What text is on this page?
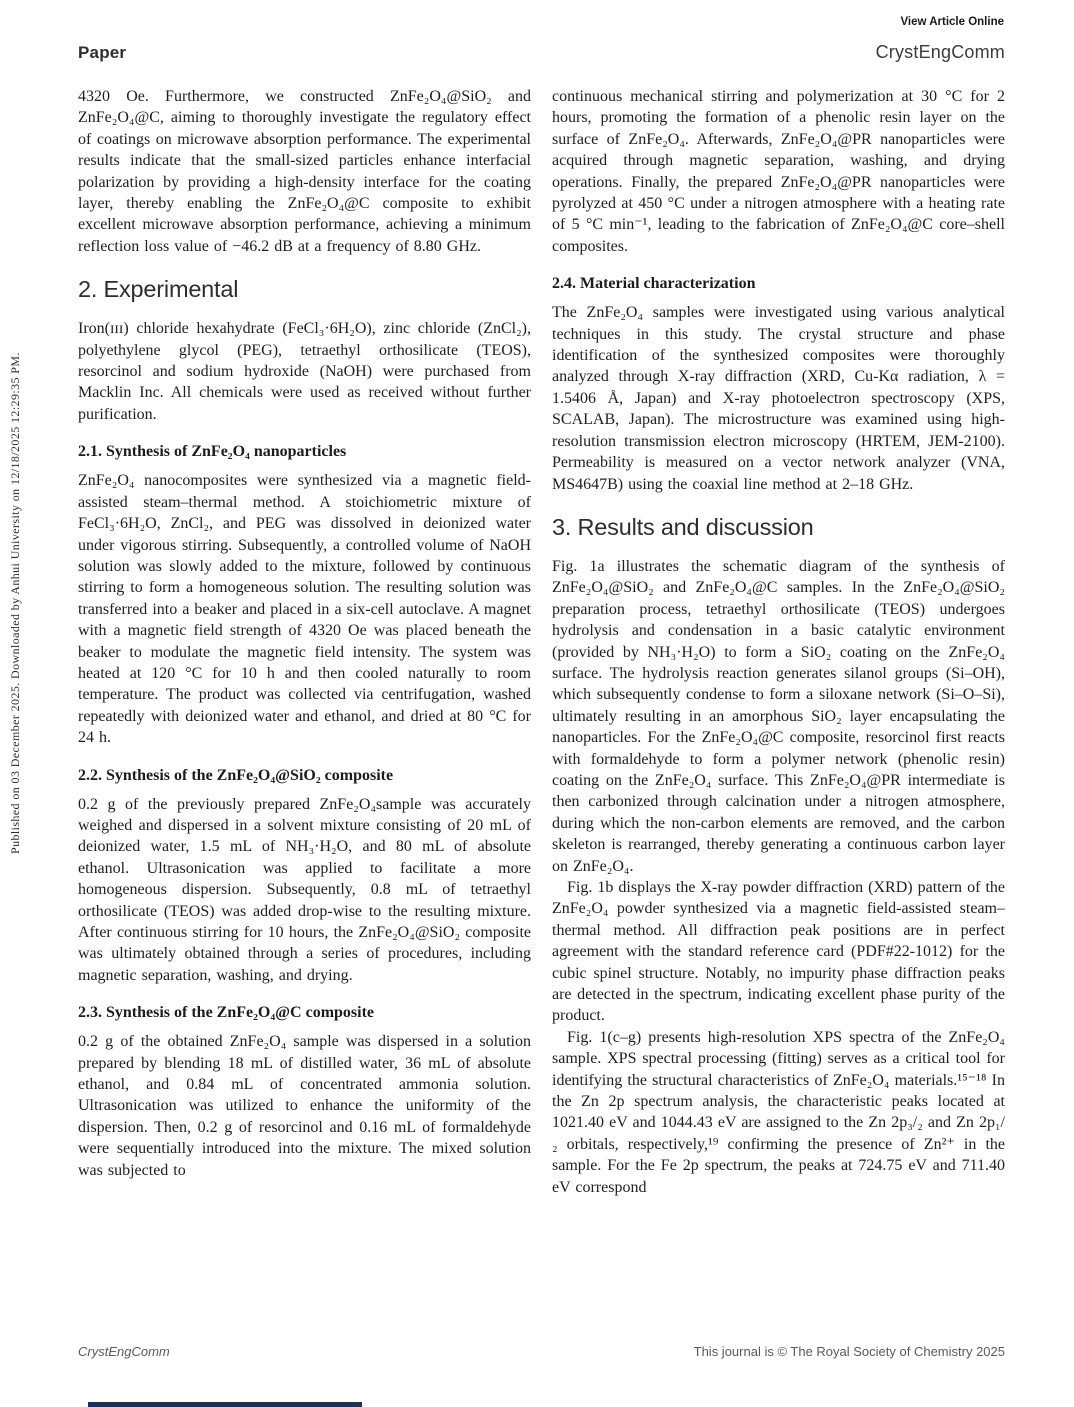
Published on 03 December 2025. Downloaded by Anhui University on 12/18/2025 12:29:35 PM.
View Article Online
Paper	CrystEngComm

4320 Oe. Furthermore, we constructed ZnFe₂O₄@SiO₂ and ZnFe₂O₄@C, aiming to thoroughly investigate the regulatory effect of coatings on microwave absorption performance. The experimental results indicate that the small-sized particles enhance interfacial polarization by providing a high-density interface for the coating layer, thereby enabling the ZnFe₂O₄@C composite to exhibit excellent microwave absorption performance, achieving a minimum reflection loss value of −46.2 dB at a frequency of 8.80 GHz.

2. Experimental

Iron(ɪɪɪ) chloride hexahydrate (FeCl₃·6H₂O), zinc chloride (ZnCl₂), polyethylene glycol (PEG), tetraethyl orthosilicate (TEOS), resorcinol and sodium hydroxide (NaOH) were purchased from Macklin Inc. All chemicals were used as received without further purification.

2.1. Synthesis of ZnFe₂O₄ nanoparticles

ZnFe₂O₄ nanocomposites were synthesized via a magnetic field-assisted steam–thermal method. A stoichiometric mixture of FeCl₃·6H₂O, ZnCl₂, and PEG was dissolved in deionized water under vigorous stirring. Subsequently, a controlled volume of NaOH solution was slowly added to the mixture, followed by continuous stirring to form a homogeneous solution. The resulting solution was transferred into a beaker and placed in a six-cell autoclave. A magnet with a magnetic field strength of 4320 Oe was placed beneath the beaker to modulate the magnetic field intensity. The system was heated at 120 °C for 10 h and then cooled naturally to room temperature. The product was collected via centrifugation, washed repeatedly with deionized water and ethanol, and dried at 80 °C for 24 h.

2.2. Synthesis of the ZnFe₂O₄@SiO₂ composite

0.2 g of the previously prepared ZnFe₂O₄sample was accurately weighed and dispersed in a solvent mixture consisting of 20 mL of deionized water, 1.5 mL of NH₃·H₂O, and 80 mL of absolute ethanol. Ultrasonication was applied to facilitate a more homogeneous dispersion. Subsequently, 0.8 mL of tetraethyl orthosilicate (TEOS) was added drop-wise to the resulting mixture. After continuous stirring for 10 hours, the ZnFe₂O₄@SiO₂ composite was ultimately obtained through a series of procedures, including magnetic separation, washing, and drying.

2.3. Synthesis of the ZnFe₂O₄@C composite

0.2 g of the obtained ZnFe₂O₄ sample was dispersed in a solution prepared by blending 18 mL of distilled water, 36 mL of absolute ethanol, and 0.84 mL of concentrated ammonia solution. Ultrasonication was utilized to enhance the uniformity of the dispersion. Then, 0.2 g of resorcinol and 0.16 mL of formaldehyde were sequentially introduced into the mixture. The mixed solution was subjected to

continuous mechanical stirring and polymerization at 30 °C for 2 hours, promoting the formation of a phenolic resin layer on the surface of ZnFe₂O₄. Afterwards, ZnFe₂O₄@PR nanoparticles were acquired through magnetic separation, washing, and drying operations. Finally, the prepared ZnFe₂O₄@PR nanoparticles were pyrolyzed at 450 °C under a nitrogen atmosphere with a heating rate of 5 °C min⁻¹, leading to the fabrication of ZnFe₂O₄@C core–shell composites.

2.4. Material characterization

The ZnFe₂O₄ samples were investigated using various analytical techniques in this study. The crystal structure and phase identification of the synthesized composites were thoroughly analyzed through X-ray diffraction (XRD, Cu-Kα radiation, λ = 1.5406 Å, Japan) and X-ray photoelectron spectroscopy (XPS, SCALAB, Japan). The microstructure was examined using high-resolution transmission electron microscopy (HRTEM, JEM-2100). Permeability is measured on a vector network analyzer (VNA, MS4647B) using the coaxial line method at 2–18 GHz.

3. Results and discussion

Fig. 1a illustrates the schematic diagram of the synthesis of ZnFe₂O₄@SiO₂ and ZnFe₂O₄@C samples. In the ZnFe₂O₄@SiO₂ preparation process, tetraethyl orthosilicate (TEOS) undergoes hydrolysis and condensation in a basic catalytic environment (provided by NH₃·H₂O) to form a SiO₂ coating on the ZnFe₂O₄ surface. The hydrolysis reaction generates silanol groups (Si–OH), which subsequently condense to form a siloxane network (Si–O–Si), ultimately resulting in an amorphous SiO₂ layer encapsulating the nanoparticles. For the ZnFe₂O₄@C composite, resorcinol first reacts with formaldehyde to form a polymer network (phenolic resin) coating on the ZnFe₂O₄ surface. This ZnFe₂O₄@PR intermediate is then carbonized through calcination under a nitrogen atmosphere, during which the non-carbon elements are removed, and the carbon skeleton is rearranged, thereby generating a continuous carbon layer on ZnFe₂O₄.

Fig. 1b displays the X-ray powder diffraction (XRD) pattern of the ZnFe₂O₄ powder synthesized via a magnetic field-assisted steam–thermal method. All diffraction peak positions are in perfect agreement with the standard reference card (PDF#22-1012) for the cubic spinel structure. Notably, no impurity phase diffraction peaks are detected in the spectrum, indicating excellent phase purity of the product.

Fig. 1(c–g) presents high-resolution XPS spectra of the ZnFe₂O₄ sample. XPS spectral processing (fitting) serves as a critical tool for identifying the structural characteristics of ZnFe₂O₄ materials.¹⁵⁻¹⁸ In the Zn 2p spectrum analysis, the characteristic peaks located at 1021.40 eV and 1044.43 eV are assigned to the Zn 2p₃/₂ and Zn 2p₁/₂ orbitals, respectively,¹⁹ confirming the presence of Zn²⁺ in the sample. For the Fe 2p spectrum, the peaks at 724.75 eV and 711.40 eV correspond

CrystEngComm	This journal is © The Royal Society of Chemistry 2025
